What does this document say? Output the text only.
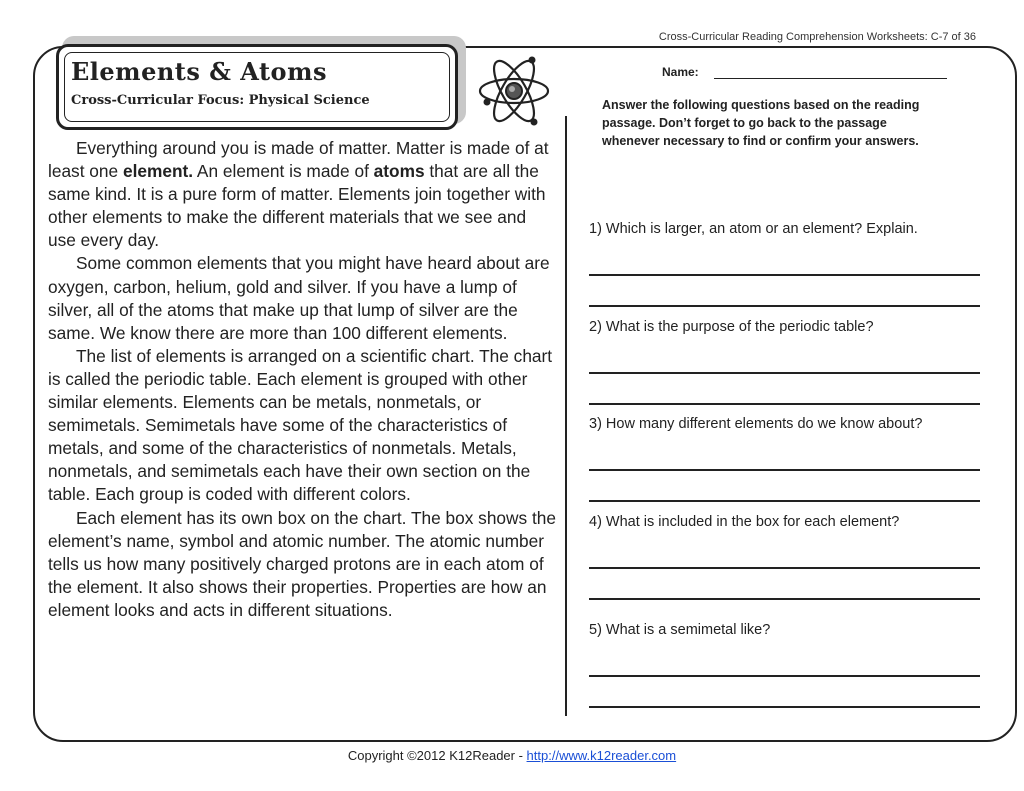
Cross-Curricular Reading Comprehension Worksheets: C-7 of 36
Elements & Atoms
Cross-Curricular Focus: Physical Science

Everything around you is made of matter. Matter is made of at least one element. An element is made of atoms that are all the same kind. It is a pure form of matter. Elements join together with other elements to make the different materials that we see and use every day.

Some common elements that you might have heard about are oxygen, carbon, helium, gold and silver. If you have a lump of silver, all of the atoms that make up that lump of silver are the same. We know there are more than 100 different elements.

The list of elements is arranged on a scientific chart. The chart is called the periodic table. Each element is grouped with other similar elements. Elements can be metals, nonmetals, or semimetals. Semimetals have some of the characteristics of metals, and some of the characteristics of nonmetals. Metals, nonmetals, and semimetals each have their own section on the table. Each group is coded with different colors.

Each element has its own box on the chart. The box shows the element’s name, symbol and atomic number. The atomic number tells us how many positively charged protons are in each atom of the element. It also shows their properties. Properties are how an element looks and acts in different situations.

Name:
Answer the following questions based on the reading passage. Don’t forget to go back to the passage whenever necessary to find or confirm your answers.
1) Which is larger, an atom or an element? Explain.
2) What is the purpose of the periodic table?
3) How many different elements do we know about?
4) What is included in the box for each element?
5) What is a semimetal like?
Copyright ©2012 K12Reader - http://www.k12reader.com
